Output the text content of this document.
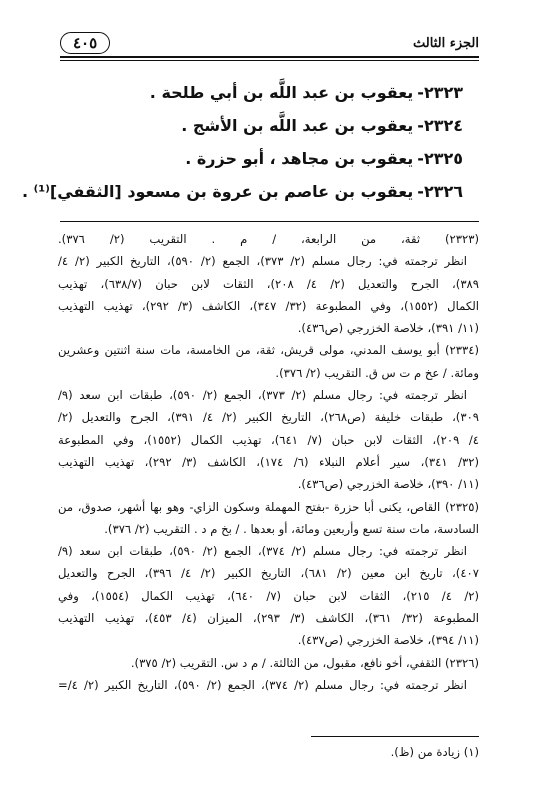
الجزء الثالث
٤٠٥
٢٣٢٣-يعقوب بن عبد اللَّه بن أبي طلحة .
٢٣٢٤-يعقوب بن عبد اللَّه بن الأشج .
٢٣٢٥-يعقوب بن مجاهد ، أبو حزرة .
٢٣٢٦-يعقوب بن عاصم بن عروة بن مسعود [الثقفي]⁽¹⁾ .
(٢٣٢٣) ثقة، من الرابعة، / م . التقريب (٢/ ٣٧٦).
انظر ترجمته في: رجال مسلم (٢/ ٣٧٣)، الجمع (٢/ ٥٩٠)، التاريخ الكبير (٢/ ٤/
٣٨٩)، الجرح والتعديل (٢/ ٤/ ٢٠٨)، الثقات لابن حبان (٦٣٨/٧)، تهذيب
الكمال (١٥٥٢)، وفي المطبوعة (٣٢/ ٣٤٧)، الكاشف (٣/ ٢٩٢)، تهذيب التهذيب
(١١/ ٣٩١)، خلاصة الخزرجي (ص٤٣٦).
(٢٣٣٤) أبو يوسف المدني، مولى قريش، ثقة، من الخامسة، مات سنة اثنتين وعشرين
ومائة. / عخ م ت س ق. التقريب (٢/ ٣٧٦).
انظر ترجمته في: رجال مسلم (٢/ ٣٧٣)، الجمع (٢/ ٥٩٠)، طبقات ابن سعد (٩/
٣٠٩)، طبقات خليفة (ص٢٦٨)، التاريخ الكبير (٢/ ٤/ ٣٩١)، الجرح والتعديل (٢/
٤/ ٢٠٩)، الثقات لابن حبان (٧/ ٦٤١)، تهذيب الكمال (١٥٥٢)، وفي المطبوعة
(٣٢/ ٣٤١)، سير أعلام النبلاء (٦/ ١٧٤)، الكاشف (٣/ ٢٩٢)، تهذيب التهذيب
(١١/ ٣٩٠)، خلاصة الخزرجي (ص٤٣٦).
(٢٣٢٥) القاص، يكنى أبا حزرة -بفتح المهملة وسكون الزاي- وهو بها أشهر، صدوق، من
السادسة، مات سنة تسع وأربعين ومائة، أو بعدها . / بخ م د . التقريب (٢/ ٣٧٦).
انظر ترجمته في: رجال مسلم (٢/ ٣٧٤)، الجمع (٢/ ٥٩٠)، طبقات ابن سعد (٩/
٤٠٧)، تاريخ ابن معين (٢/ ٦٨١)، التاريخ الكبير (٢/ ٤/ ٣٩٦)، الجرح والتعديل
(٢/ ٤/ ٢١٥)، الثقات لابن حبان (٧/ ٦٤٠)، تهذيب الكمال (١٥٥٤)، وفي
المطبوعة (٣٢/ ٣٦١)، الكاشف (٣/ ٢٩٣)، الميزان (٤/ ٤٥٣)، تهذيب التهذيب
(١١/ ٣٩٤)، خلاصة الخزرجي (ص٤٣٧).
(٢٣٢٦) الثقفي، أخو نافع، مقبول، من الثالثة. / م د س. التقريب (٢/ ٣٧٥).
انظر ترجمته في: رجال مسلم (٢/ ٣٧٤)، الجمع (٢/ ٥٩٠)، التاريخ الكبير (٢/ ٤/=
(١) زيادة من (ظ).
